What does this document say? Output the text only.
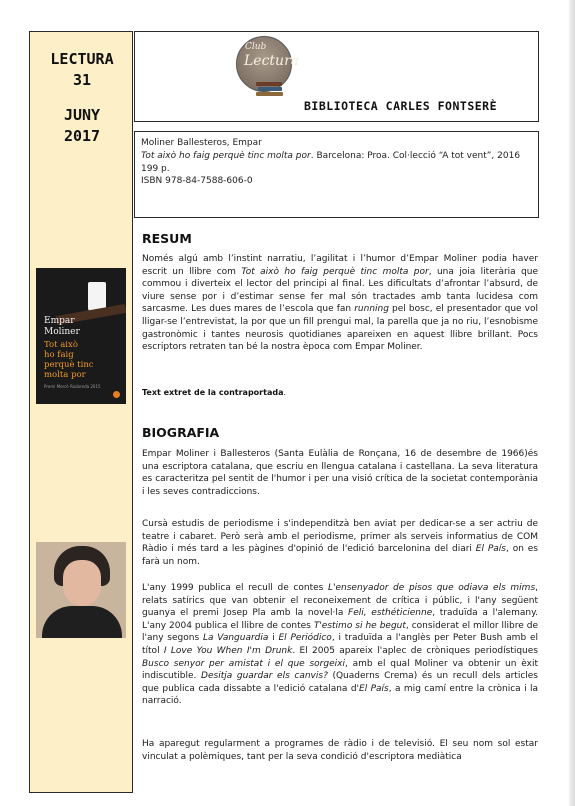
LECTURA
31
JUNY
2017
Empar
Moliner
Tot això
ho faig
perquè tinc
molta por
Premi Mercè Rodoreda 2015
Club
Lectura
BIBLIOTECA CARLES FONTSERÈ
Moliner Ballesteros, Empar
Tot això ho faig perquè tinc molta por. Barcelona: Proa. Col·lecció “A tot vent”, 2016
199 p.
ISBN 978-84-7588-606-0
RESUM
Només algú amb l’instint narratiu, l’agilitat i l’humor d’Empar Moliner podia haver escrit un llibre com Tot això ho faig perquè tinc molta por, una joia literària que commou i diverteix el lector del principi al final. Les dificultats d’afrontar l’absurd, de viure sense por i d’estimar sense fer mal són tractades amb tanta lucidesa com sarcasme. Les dues mares de l’escola que fan running pel bosc, el presentador que vol lligar-se l’entrevistat, la por que un fill prengui mal, la parella que ja no riu, l’esnobisme gastronòmic i tantes neurosis quotidianes apareixen en aquest llibre brillant. Pocs escriptors retraten tan bé la nostra època com Empar Moliner.
Text extret de la contraportada.
BIOGRAFIA
Empar Moliner i Ballesteros (Santa Eulàlia de Ronçana, 16 de desembre de 1966)és una escriptora catalana, que escriu en llengua catalana i castellana. La seva literatura es caracteritza pel sentit de l'humor i per una visió crítica de la societat contemporània i les seves contradiccions.
Cursà estudis de periodisme i s'independitzà ben aviat per dedicar-se a ser actriu de teatre i cabaret. Però serà amb el periodisme, primer als serveis informatius de COM Ràdio i més tard a les pàgines d'opinió de l'edició barcelonina del diari El País, on es farà un nom.
L'any 1999 publica el recull de contes L'ensenyador de pisos que odiava els mims, relats satírics que van obtenir el reconeixement de crítica i públic, i l'any següent guanya el premi Josep Pla amb la novel·la Feli, esthéticienne, traduïda a l'alemany. L'any 2004 publica el llibre de contes T'estimo si he begut, considerat el millor llibre de l'any segons La Vanguardia i El Periódico, i traduïda a l'anglès per Peter Bush amb el títol I Love You When I'm Drunk. El 2005 apareix l'aplec de cròniques periodístiques Busco senyor per amistat i el que sorgeixi, amb el qual Moliner va obtenir un èxit indiscutible. Desitja guardar els canvis? (Quaderns Crema) és un recull dels articles que publica cada dissabte a l'edició catalana d'El País, a mig camí entre la crònica i la narració.
Ha aparegut regularment a programes de ràdio i de televisió. El seu nom sol estar vinculat a polèmiques, tant per la seva condició d'escriptora mediàtica
